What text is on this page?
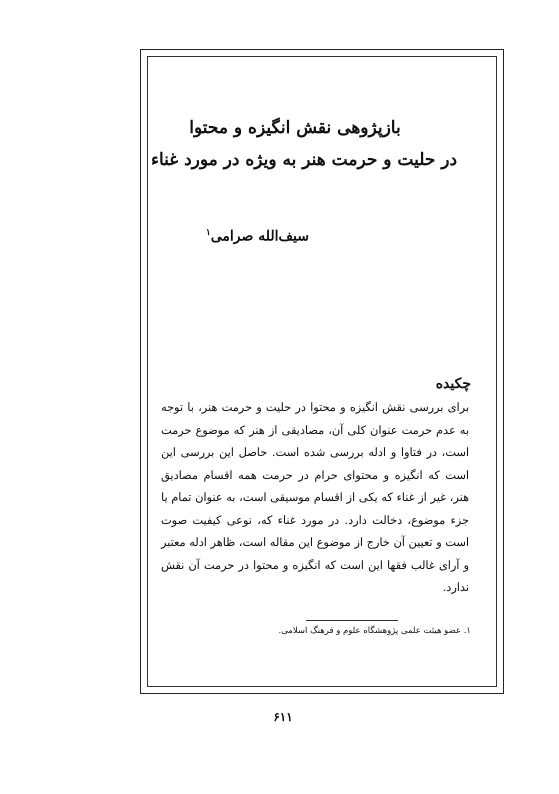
بازپژوهی نقش انگیزه و محتوا
در حلیت و حرمت هنر به ویژه در مورد غناء
سیف‌الله صرامی$^۱$
چکیده

برای بررسی نقش انگیزه و محتوا در حلیت و حرمت هنر، با توجه به عدم حرمت عنوان کلی آن، مصادیقی از هنر که موضوع حرمت است، در فتاوا و ادله بررسی شده است. حاصل این بررسی این است که انگیزه و محتوای حرام در حرمت همه اقسام مصادیق هنر، غیر از غناء که یکی از اقسام موسیقی است، به عنوان تمام یا جزء موضوع، دخالت دارد. در مورد غناء که، نوعی کیفیت صوت است و تعیین آن خارج از موضوع این مقاله است، ظاهر ادله معتبر و آرای غالب فقها این است که انگیزه و محتوا در حرمت آن نقش ندارد.

۱. عضو هیئت علمی پژوهشگاه علوم و فرهنگ اسلامی.
۶۱۱
